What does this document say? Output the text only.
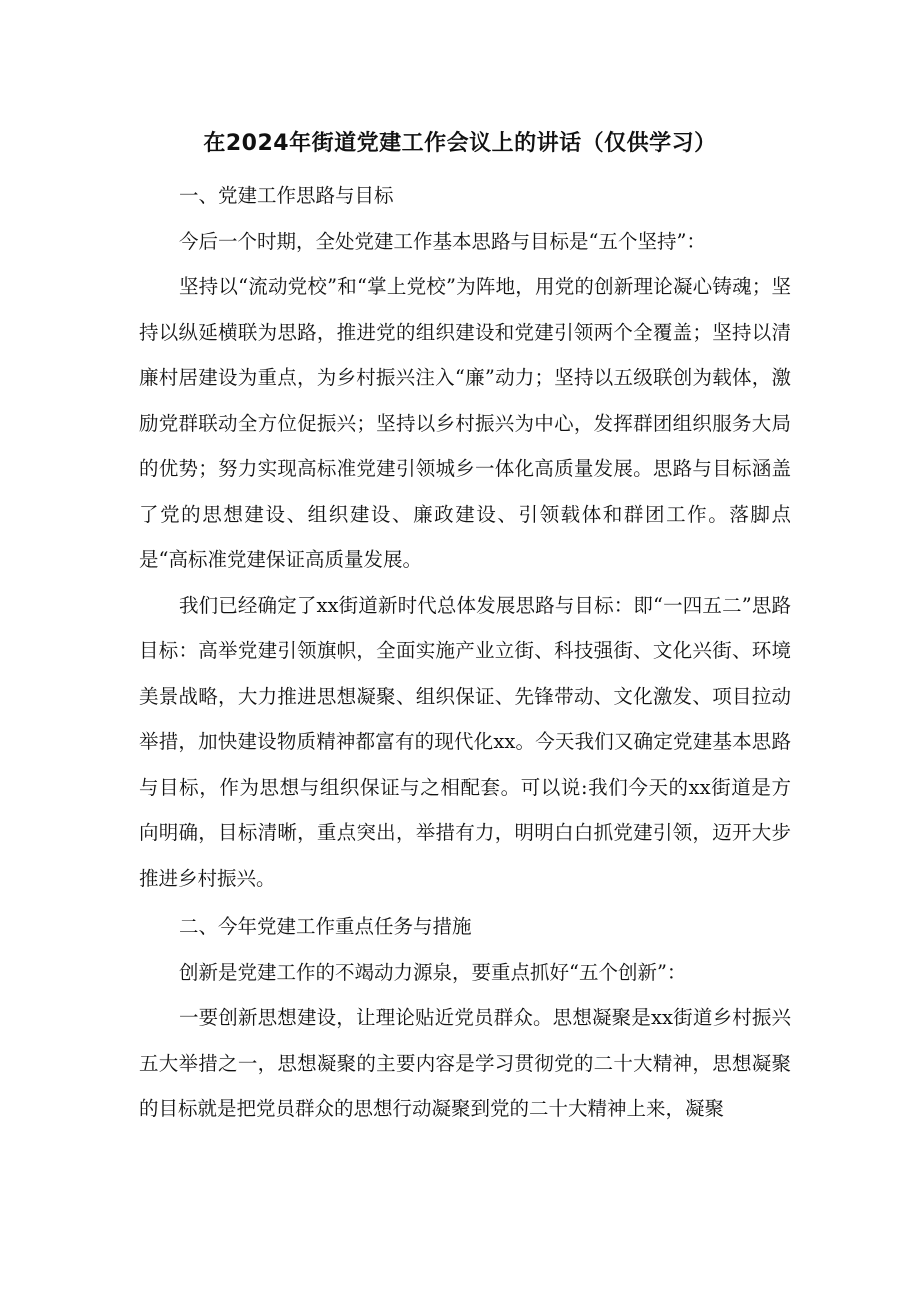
在2024年街道党建工作会议上的讲话（仅供学习）

一、党建工作思路与目标

今后一个时期，全处党建工作基本思路与目标是“五个坚持”：

坚持以“流动党校”和“掌上党校”为阵地，用党的创新理论凝心铸魂；坚持以纵延横联为思路，推进党的组织建设和党建引领两个全覆盖；坚持以清廉村居建设为重点，为乡村振兴注入“廉”动力；坚持以五级联创为载体，激励党群联动全方位促振兴；坚持以乡村振兴为中心，发挥群团组织服务大局的优势；努力实现高标准党建引领城乡一体化高质量发展。思路与目标涵盖了党的思想建设、组织建设、廉政建设、引领载体和群团工作。落脚点是“高标准党建保证高质量发展。

我们已经确定了xx街道新时代总体发展思路与目标：即“一四五二”思路目标：高举党建引领旗帜，全面实施产业立街、科技强街、文化兴街、环境美景战略，大力推进思想凝聚、组织保证、先锋带动、文化激发、项目拉动举措，加快建设物质精神都富有的现代化xx。今天我们又确定党建基本思路与目标，作为思想与组织保证与之相配套。可以说:我们今天的xx街道是方向明确，目标清晰，重点突出，举措有力，明明白白抓党建引领，迈开大步推进乡村振兴。

二、今年党建工作重点任务与措施

创新是党建工作的不竭动力源泉，要重点抓好“五个创新”：

一要创新思想建设，让理论贴近党员群众。思想凝聚是xx街道乡村振兴五大举措之一，思想凝聚的主要内容是学习贯彻党的二十大精神，思想凝聚的目标就是把党员群众的思想行动凝聚到党的二十大精神上来，凝聚
